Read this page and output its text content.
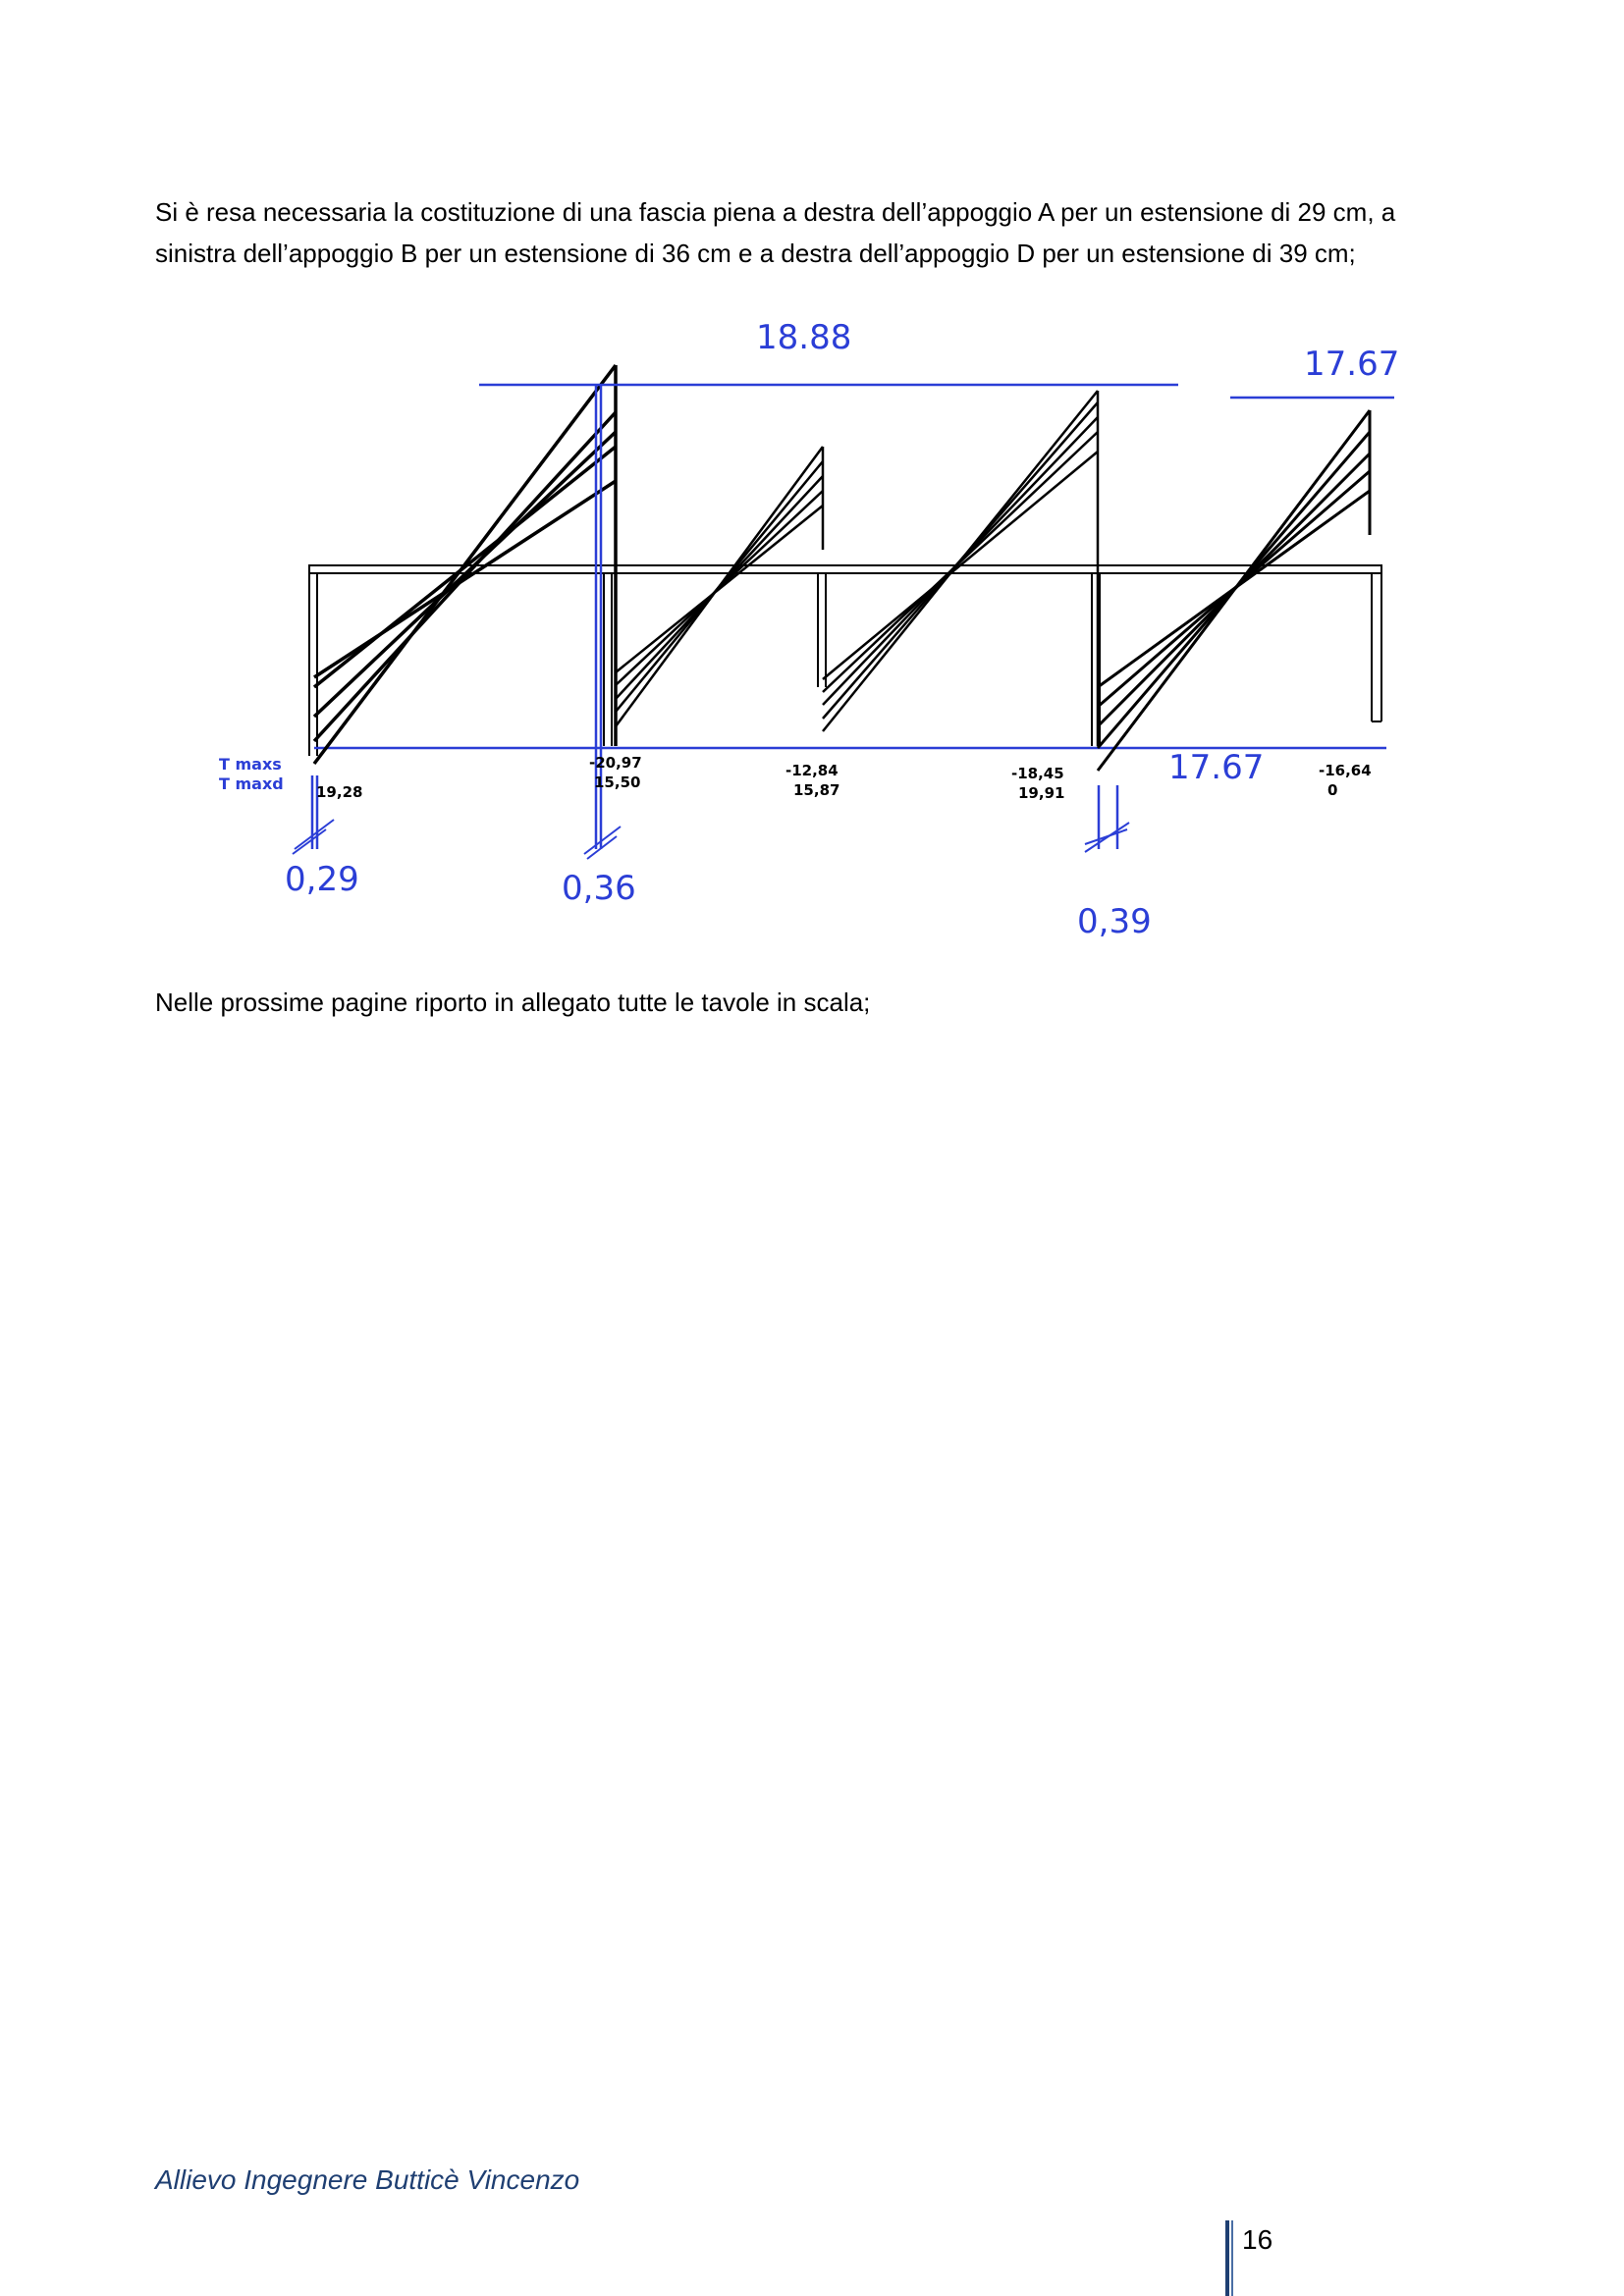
Si è resa necessaria la costituzione di una fascia piena a destra dell’appoggio A per un estensione di 29 cm, a sinistra dell’appoggio B per un estensione di 36 cm e a destra dell’appoggio D per un estensione di 39 cm;

18.88
17.67
17.67
0,29	0,36
0,39
T maxs
T maxd
-20,97
15,50
19,28
-12,84
15,87
-18,45
19,91
-16,64
0

Nelle prossime pagine riporto in allegato tutte le tavole in scala;

Allievo Ingegnere Butticè Vincenzo
16
